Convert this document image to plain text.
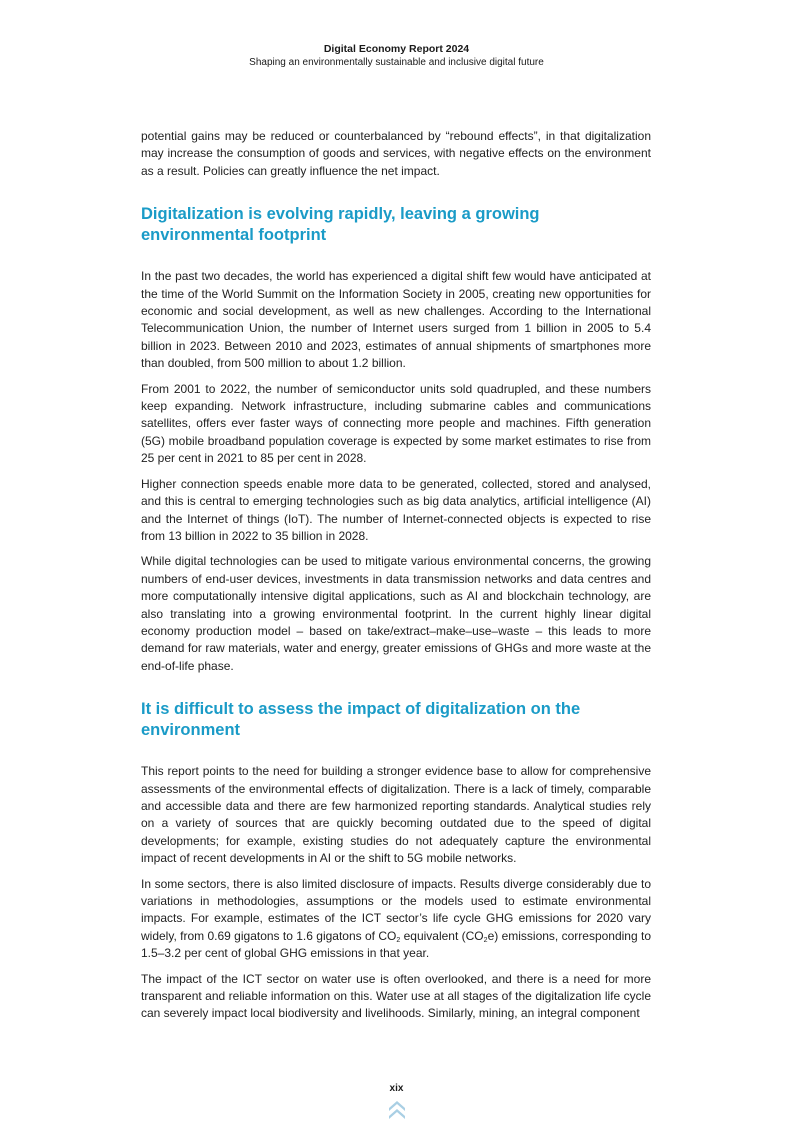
Digital Economy Report 2024
Shaping an environmentally sustainable and inclusive digital future

potential gains may be reduced or counterbalanced by “rebound effects”, in that digitalization may increase the consumption of goods and services, with negative effects on the environment as a result. Policies can greatly influence the net impact.

Digitalization is evolving rapidly, leaving a growing environmental footprint

In the past two decades, the world has experienced a digital shift few would have anticipated at the time of the World Summit on the Information Society in 2005, creating new opportunities for economic and social development, as well as new challenges. According to the International Telecommunication Union, the number of Internet users surged from 1 billion in 2005 to 5.4 billion in 2023. Between 2010 and 2023, estimates of annual shipments of smartphones more than doubled, from 500 million to about 1.2 billion.

From 2001 to 2022, the number of semiconductor units sold quadrupled, and these numbers keep expanding. Network infrastructure, including submarine cables and communications satellites, offers ever faster ways of connecting more people and machines. Fifth generation (5G) mobile broadband population coverage is expected by some market estimates to rise from 25 per cent in 2021 to 85 per cent in 2028.

Higher connection speeds enable more data to be generated, collected, stored and analysed, and this is central to emerging technologies such as big data analytics, artificial intelligence (AI) and the Internet of things (IoT). The number of Internet-connected objects is expected to rise from 13 billion in 2022 to 35 billion in 2028.

While digital technologies can be used to mitigate various environmental concerns, the growing numbers of end-user devices, investments in data transmission networks and data centres and more computationally intensive digital applications, such as AI and blockchain technology, are also translating into a growing environmental footprint. In the current highly linear digital economy production model – based on take/extract–make–use–waste – this leads to more demand for raw materials, water and energy, greater emissions of GHGs and more waste at the end-of-life phase.

It is difficult to assess the impact of digitalization on the environment

This report points to the need for building a stronger evidence base to allow for comprehensive assessments of the environmental effects of digitalization. There is a lack of timely, comparable and accessible data and there are few harmonized reporting standards. Analytical studies rely on a variety of sources that are quickly becoming outdated due to the speed of digital developments; for example, existing studies do not adequately capture the environmental impact of recent developments in AI or the shift to 5G mobile networks.

In some sectors, there is also limited disclosure of impacts. Results diverge considerably due to variations in methodologies, assumptions or the models used to estimate environmental impacts. For example, estimates of the ICT sector’s life cycle GHG emissions for 2020 vary widely, from 0.69 gigatons to 1.6 gigatons of $CO_2$ equivalent $(CO_2e)$ emissions, corresponding to 1.5–3.2 per cent of global GHG emissions in that year.

The impact of the ICT sector on water use is often overlooked, and there is a need for more transparent and reliable information on this. Water use at all stages of the digitalization life cycle can severely impact local biodiversity and livelihoods. Similarly, mining, an integral component

xix
